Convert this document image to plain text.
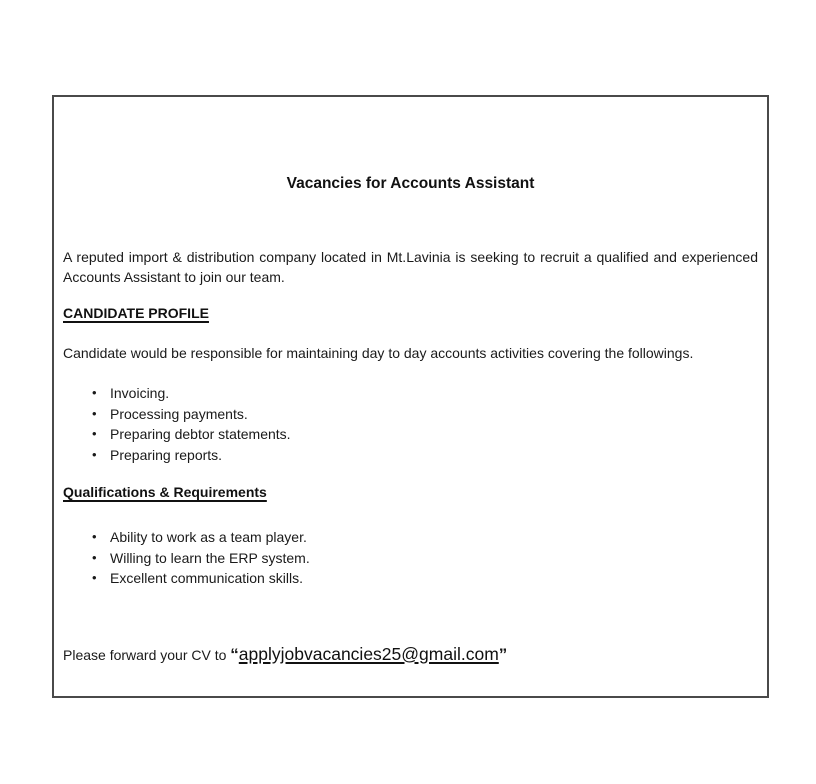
Vacancies for Accounts Assistant

A reputed import & distribution company located in Mt.Lavinia is seeking to recruit a qualified and experienced Accounts Assistant to join our team.

CANDIDATE PROFILE

Candidate would be responsible for maintaining day to day accounts activities covering the followings.

• Invoicing.
• Processing payments.
• Preparing debtor statements.
• Preparing reports.
Qualifications & Requirements
• Ability to work as a team player.
• Willing to learn the ERP system.
• Excellent communication skills.

Please forward your CV to “applyjobvacancies25@gmail.com”
